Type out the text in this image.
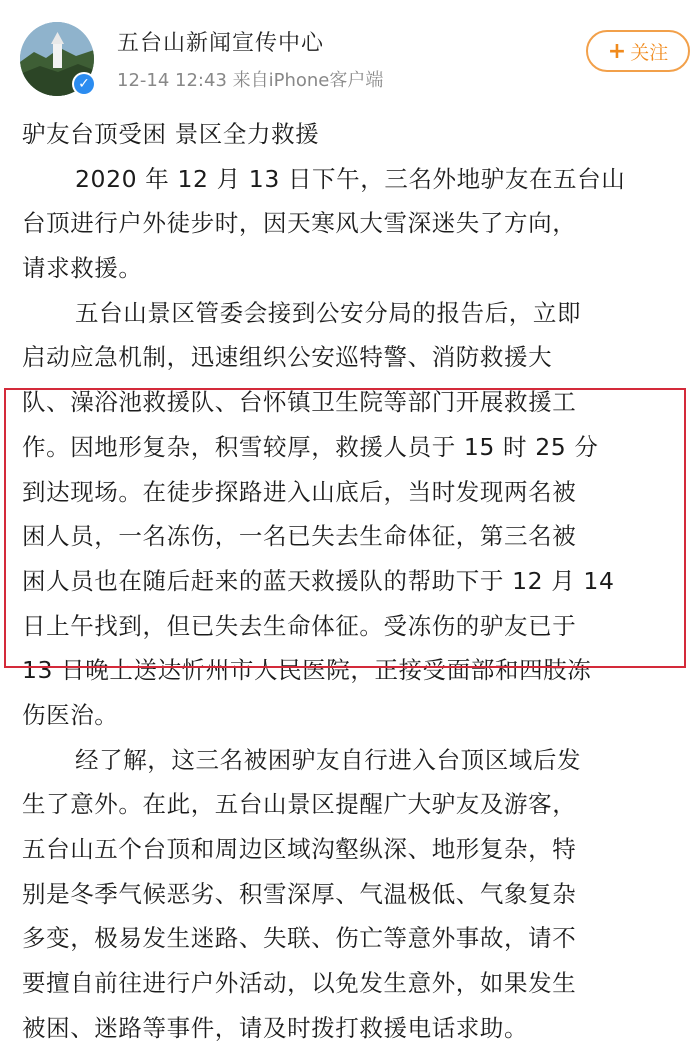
✓
五台山新闻宣传中心
12-14 12:43 来自iPhone客户端
+ 关注
驴友台顶受困 景区全力救援
2020 年 12 月 13 日下午，三名外地驴友在五台山
台顶进行户外徒步时，因天寒风大雪深迷失了方向，
请求救援。
五台山景区管委会接到公安分局的报告后，立即
启动应急机制，迅速组织公安巡特警、消防救援大
队、澡浴池救援队、台怀镇卫生院等部门开展救援工
作。因地形复杂，积雪较厚，救援人员于 15 时 25 分
到达现场。在徒步探路进入山底后，当时发现两名被
困人员，一名冻伤，一名已失去生命体征，第三名被
困人员也在随后赶来的蓝天救援队的帮助下于 12 月 14
日上午找到，但已失去生命体征。受冻伤的驴友已于
13 日晚上送达忻州市人民医院，正接受面部和四肢冻
伤医治。
经了解，这三名被困驴友自行进入台顶区域后发
生了意外。在此，五台山景区提醒广大驴友及游客，
五台山五个台顶和周边区域沟壑纵深、地形复杂，特
别是冬季气候恶劣、积雪深厚、气温极低、气象复杂
多变，极易发生迷路、失联、伤亡等意外事故，请不
要擅自前往进行户外活动，以免发生意外，如果发生
被困、迷路等事件，请及时拨打救援电话求助。
